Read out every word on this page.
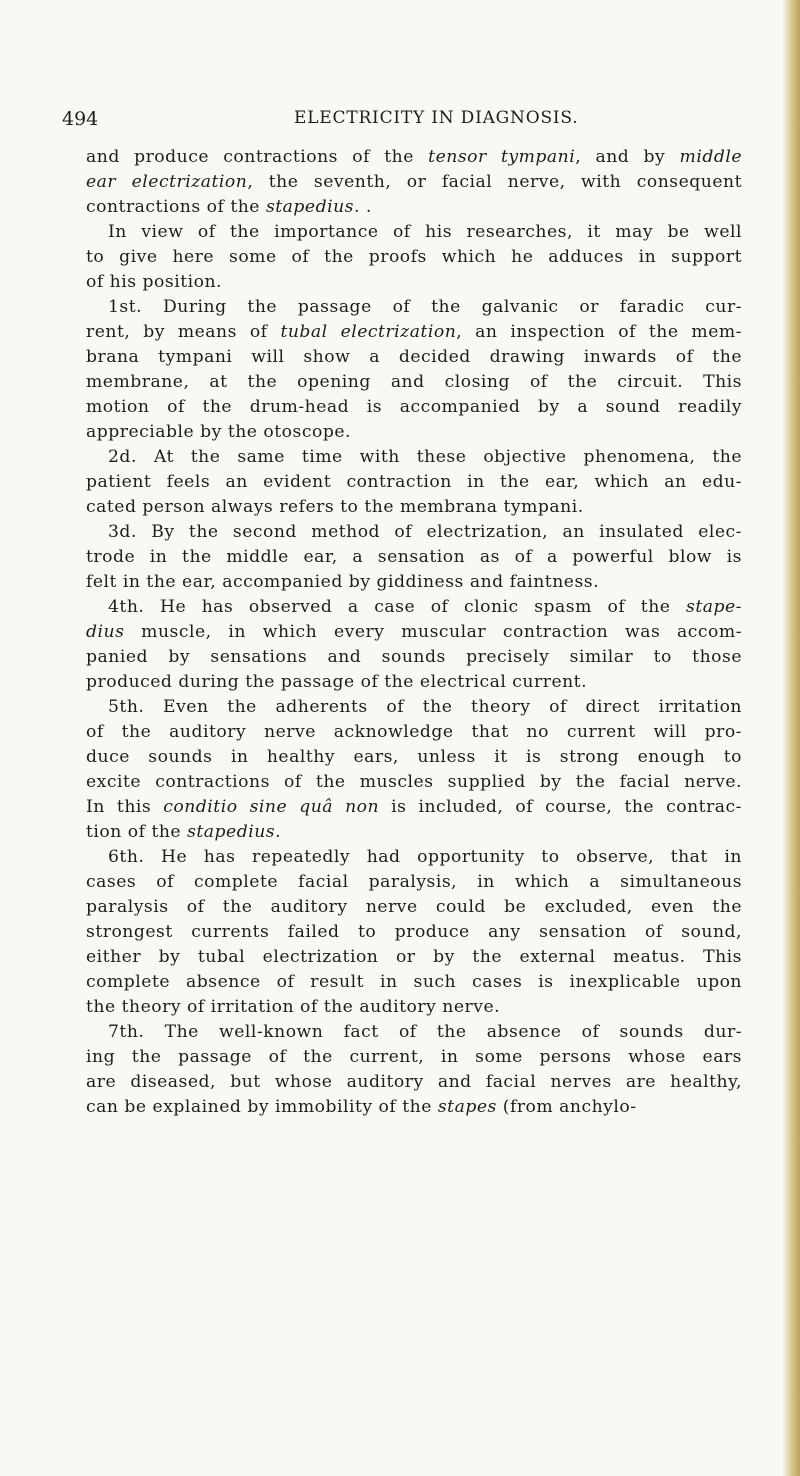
494	ELECTRICITY IN DIAGNOSIS.

and produce contractions of the tensor tympani, and by middle

ear electrization, the seventh, or facial nerve, with consequent

contractions of the stapedius. .

In view of the importance of his researches, it may be well

to give here some of the proofs which he adduces in support

of his position.

1st. During the passage of the galvanic or faradic cur-

rent, by means of tubal electrization, an inspection of the mem-

brana tympani will show a decided drawing inwards of the

membrane, at the opening and closing of the circuit. This

motion of the drum-head is accompanied by a sound readily

appreciable by the otoscope.

2d. At the same time with these objective phenomena, the

patient feels an evident contraction in the ear, which an edu-

cated person always refers to the membrana tympani.

3d. By the second method of electrization, an insulated elec-

trode in the middle ear, a sensation as of a powerful blow is

felt in the ear, accompanied by giddiness and faintness.

4th. He has observed a case of clonic spasm of the stape-

dius muscle, in which every muscular contraction was accom-

panied by sensations and sounds precisely similar to those

produced during the passage of the electrical current.

5th. Even the adherents of the theory of direct irritation

of the auditory nerve acknowledge that no current will pro-

duce sounds in healthy ears, unless it is strong enough to

excite contractions of the muscles supplied by the facial nerve.

In this conditio sine quâ non is included, of course, the contrac-

tion of the stapedius.

6th. He has repeatedly had opportunity to observe, that in

cases of complete facial paralysis, in which a simultaneous

paralysis of the auditory nerve could be excluded, even the

strongest currents failed to produce any sensation of sound,

either by tubal electrization or by the external meatus. This

complete absence of result in such cases is inexplicable upon

the theory of irritation of the auditory nerve.

7th. The well-known fact of the absence of sounds dur-

ing the passage of the current, in some persons whose ears

are diseased, but whose auditory and facial nerves are healthy,

can be explained by immobility of the stapes (from anchylo-
